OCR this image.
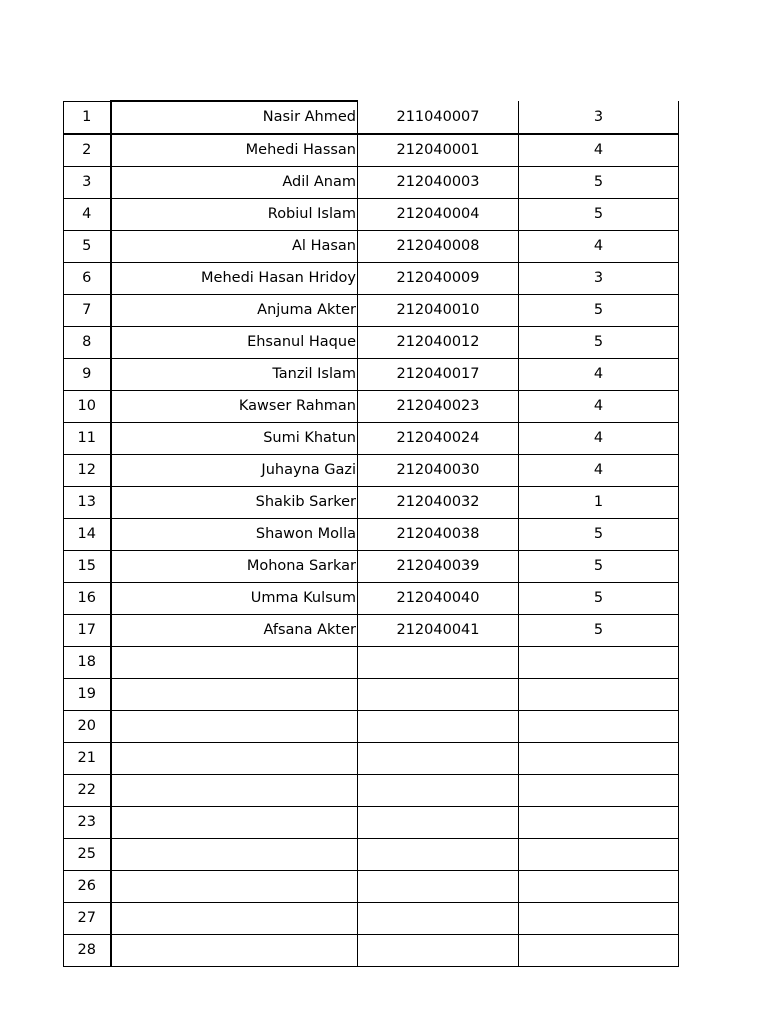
1	Nasir Ahmed	211040007	3
2	Mehedi Hassan	212040001	4
3	Adil Anam	212040003	5
4	Robiul Islam	212040004	5
5	Al Hasan	212040008	4
6	Mehedi Hasan Hridoy	212040009	3
7	Anjuma Akter	212040010	5
8	Ehsanul Haque	212040012	5
9	Tanzil Islam	212040017	4
10	Kawser Rahman	212040023	4
11	Sumi Khatun	212040024	4
12	Juhayna Gazi	212040030	4
13	Shakib Sarker	212040032	1
14	Shawon Molla	212040038	5
15	Mohona Sarkar	212040039	5
16	Umma Kulsum	212040040	5
17	Afsana Akter	212040041	5
18			
19			
20			
21			
22			
23			
25			
26			
27			
28			
